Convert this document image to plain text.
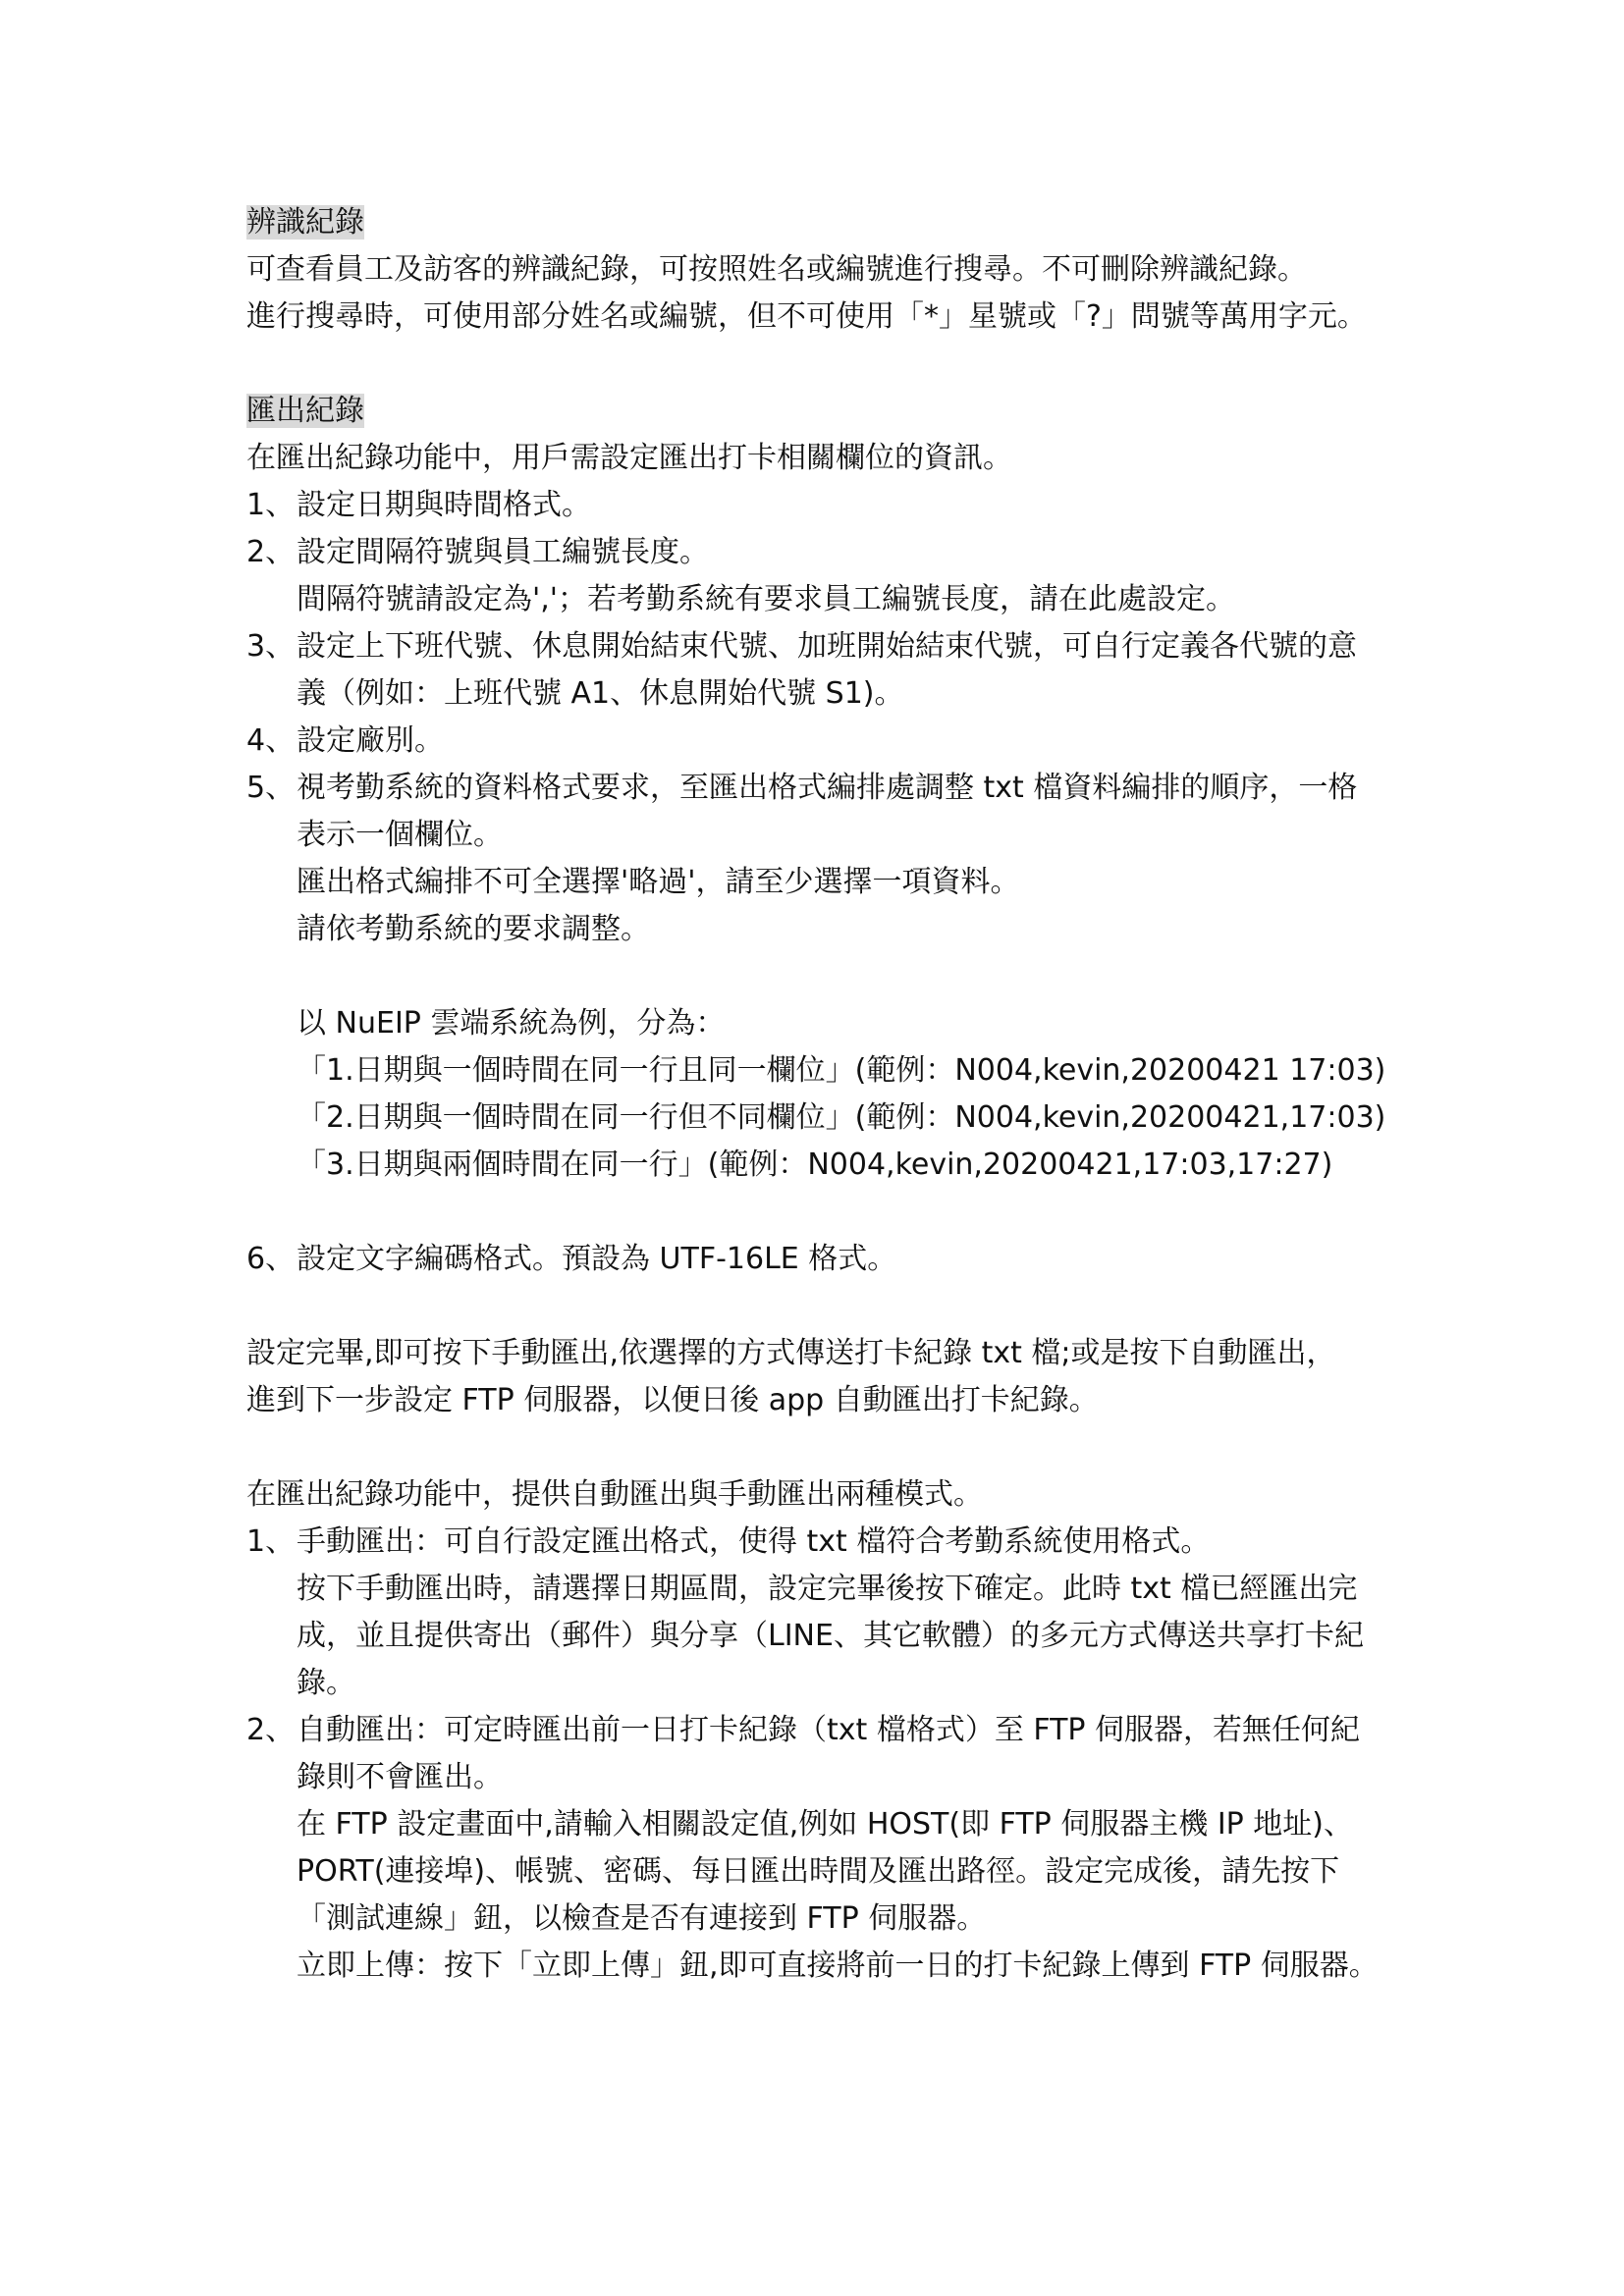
辨識紀錄
可查看員工及訪客的辨識紀錄，可按照姓名或編號進行搜尋。不可刪除辨識紀錄。
進行搜尋時，可使用部分姓名或編號，但不可使用「*」星號或「?」問號等萬用字元。
匯出紀錄
在匯出紀錄功能中，用戶需設定匯出打卡相關欄位的資訊。
1、設定日期與時間格式。
2、設定間隔符號與員工編號長度。
間隔符號請設定為','；若考勤系統有要求員工編號長度，請在此處設定。
3、設定上下班代號、休息開始結束代號、加班開始結束代號，可自行定義各代號的意
義（例如：上班代號 A1、休息開始代號 S1)。
4、設定廠別。
5、視考勤系統的資料格式要求，至匯出格式編排處調整 txt 檔資料編排的順序，一格
表示一個欄位。
匯出格式編排不可全選擇'略過'，請至少選擇一項資料。
請依考勤系統的要求調整。
以 NuEIP 雲端系統為例，分為：
「1.日期與一個時間在同一行且同一欄位」(範例：N004,kevin,20200421 17:03)
「2.日期與一個時間在同一行但不同欄位」(範例：N004,kevin,20200421,17:03)
「3.日期與兩個時間在同一行」(範例：N004,kevin,20200421,17:03,17:27)
6、設定文字編碼格式。預設為 UTF-16LE 格式。
設定完畢,即可按下手動匯出,依選擇的方式傳送打卡紀錄 txt 檔;或是按下自動匯出，
進到下一步設定 FTP 伺服器，以便日後 app 自動匯出打卡紀錄。
在匯出紀錄功能中，提供自動匯出與手動匯出兩種模式。
1、手動匯出：可自行設定匯出格式，使得 txt 檔符合考勤系統使用格式。
按下手動匯出時，請選擇日期區間，設定完畢後按下確定。此時 txt 檔已經匯出完
成，並且提供寄出（郵件）與分享（LINE、其它軟體）的多元方式傳送共享打卡紀
錄。
2、自動匯出：可定時匯出前一日打卡紀錄（txt 檔格式）至 FTP 伺服器，若無任何紀
錄則不會匯出。
在 FTP 設定畫面中,請輸入相關設定值,例如 HOST(即 FTP 伺服器主機 IP 地址)、
PORT(連接埠)、帳號、密碼、每日匯出時間及匯出路徑。設定完成後，請先按下
「測試連線」鈕，以檢查是否有連接到 FTP 伺服器。
立即上傳：按下「立即上傳」鈕,即可直接將前一日的打卡紀錄上傳到 FTP 伺服器。
